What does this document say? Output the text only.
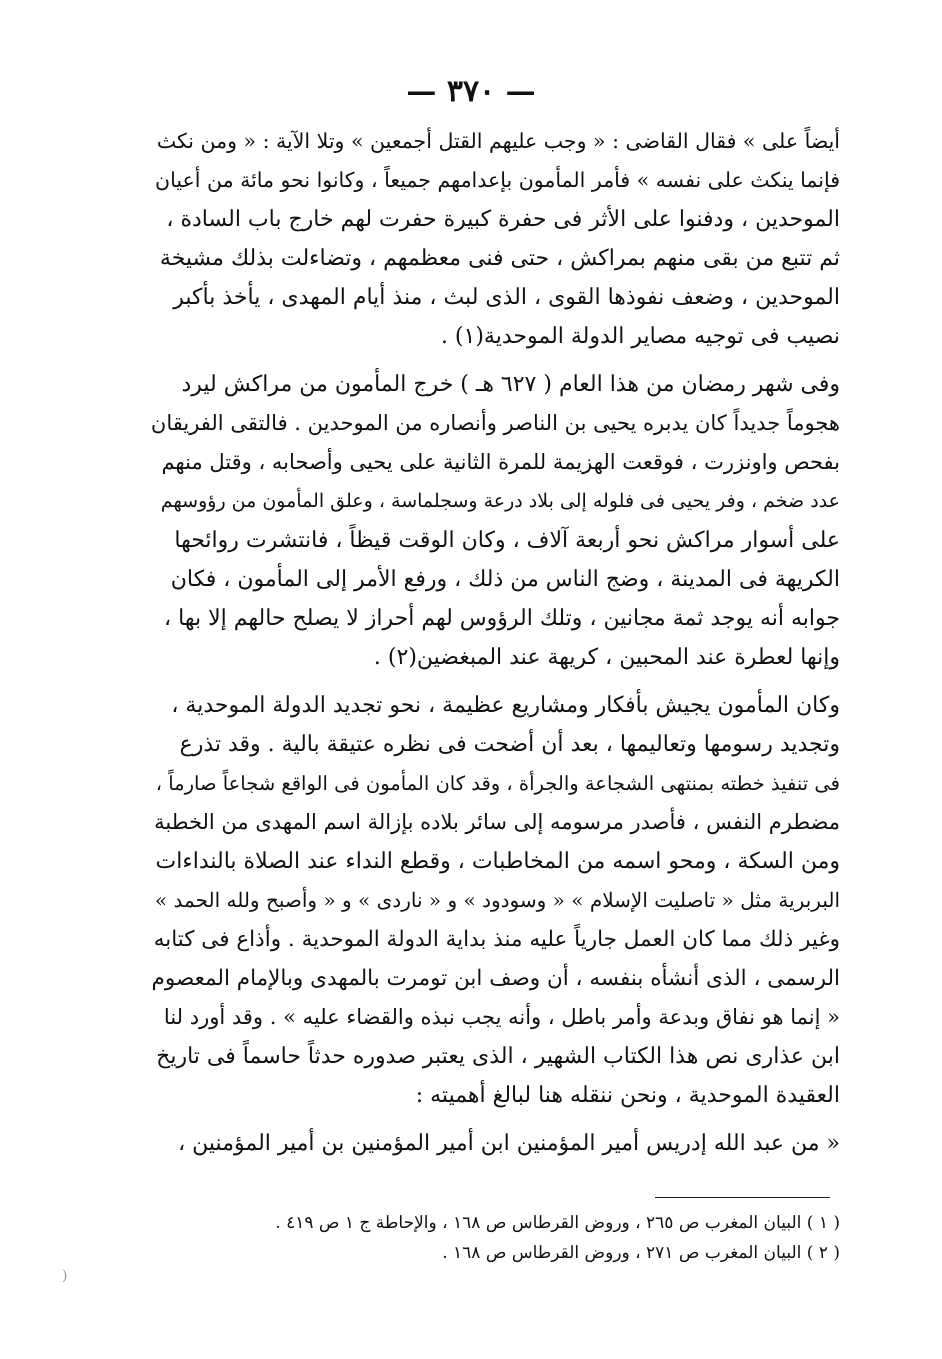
— ٣٧٠ —

أيضاً على » فقال القاضى : « وجب عليهم القتل أجمعين » وتلا الآية : « ومن نكث
فإنما ينكث على نفسه » فأمر المأمون بإعدامهم جميعاً ، وكانوا نحو مائة من أعيان
الموحدين ، ودفنوا على الأثر فى حفرة كبيرة حفرت لهم خارج باب السادة ،
ثم تتبع من بقى منهم بمراكش ، حتى فنى معظمهم ، وتضاءلت بذلك مشيخة
الموحدين ، وضعف نفوذها القوى ، الذى لبث ، منذ أيام المهدى ، يأخذ بأكبر
نصيب فى توجيه مصاير الدولة الموحدية(١) .

وفى شهر رمضان من هذا العام ( ٦٢٧ هـ ) خرج المأمون من مراكش ليرد
هجوماً جديداً كان يدبره يحيى بن الناصر وأنصاره من الموحدين . فالتقى الفريقان
بفحص واونزرت ، فوقعت الهزيمة للمرة الثانية على يحيى وأصحابه ، وقتل منهم
عدد ضخم ، وفر يحيى فى فلوله إلى بلاد درعة وسجلماسة ، وعلق المأمون من رؤوسهم
على أسوار مراكش نحو أربعة آلاف ، وكان الوقت قيظاً ، فانتشرت روائحها
الكريهة فى المدينة ، وضج الناس من ذلك ، ورفع الأمر إلى المأمون ، فكان
جوابه أنه يوجد ثمة مجانين ، وتلك الرؤوس لهم أحراز لا يصلح حالهم إلا بها ،
وإنها لعطرة عند المحبين ، كريهة عند المبغضين(٢) .

وكان المأمون يجيش بأفكار ومشاريع عظيمة ، نحو تجديد الدولة الموحدية ،
وتجديد رسومها وتعاليمها ، بعد أن أضحت فى نظره عتيقة بالية . وقد تذرع
فى تنفيذ خطته بمنتهى الشجاعة والجرأة ، وقد كان المأمون فى الواقع شجاعاً صارماً ،
مضطرم النفس ، فأصدر مرسومه إلى سائر بلاده بإزالة اسم المهدى من الخطبة
ومن السكة ، ومحو اسمه من المخاطبات ، وقطع النداء عند الصلاة بالنداءات
البربرية مثل « تاصليت الإسلام » « وسودود » و « ناردى » و « وأصبح ولله الحمد »
وغير ذلك مما كان العمل جارياً عليه منذ بداية الدولة الموحدية . وأذاع فى كتابه
الرسمى ، الذى أنشأه بنفسه ، أن وصف ابن تومرت بالمهدى وبالإمام المعصوم
« إنما هو نفاق وبدعة وأمر باطل ، وأنه يجب نبذه والقضاء عليه » . وقد أورد لنا
ابن عذارى نص هذا الكتاب الشهير ، الذى يعتبر صدوره حدثاً حاسماً فى تاريخ
العقيدة الموحدية ، ونحن ننقله هنا لبالغ أهميته :

« من عبد الله إدريس أمير المؤمنين ابن أمير المؤمنين بن أمير المؤمنين ،

( ١ ) البيان المغرب ص ٢٦٥ ، وروض القرطاس ص ١٦٨ ، والإحاطة ج ١ ص ٤١٩ .
( ٢ ) البيان المغرب ص ٢٧١ ، وروض القرطاس ص ١٦٨ .
)
